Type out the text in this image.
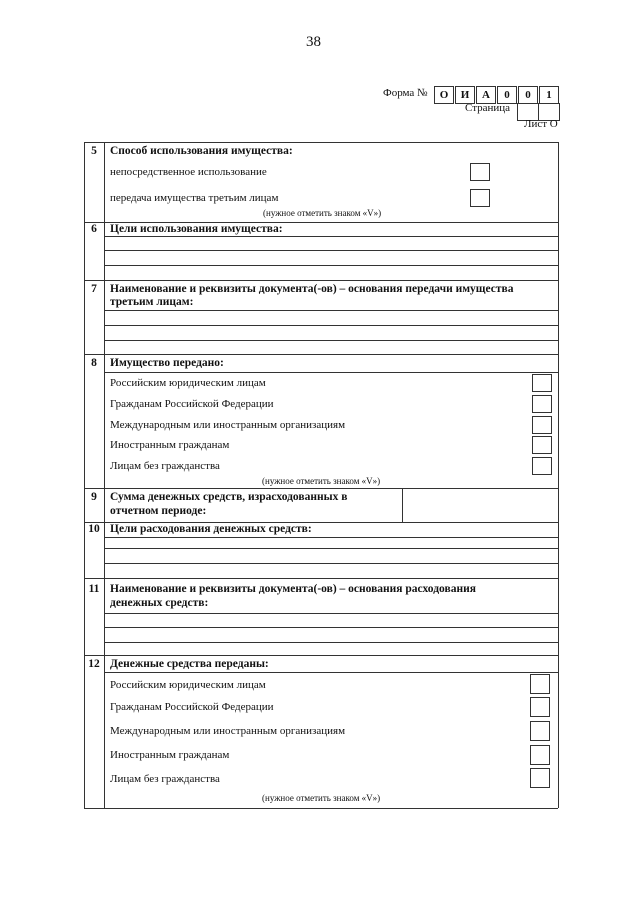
38
Форма №	О	И	А	0	0	1
Страница
Лист О
5	Способ использования имущества:
непосредственное использование
передача имущества третьим лицам
(нужное отметить знаком «V»)
6	Цели использования имущества:
7	Наименование и реквизиты документа(-ов) – основания передачи имущества
третьим лицам:
8	Имущество передано:
Российским юридическим лицам
Гражданам Российской Федерации
Международным или иностранным организациям
Иностранным гражданам
Лицам без гражданства
(нужное отметить знаком «V»)
9	Сумма денежных средств, израсходованных в
отчетном периоде:
10 Цели расходования денежных средств:
11 Наименование и реквизиты документа(-ов) – основания расходования
денежных средств:
12 Денежные средства переданы:
Российским юридическим лицам
Гражданам Российской Федерации
Международным или иностранным организациям
Иностранным гражданам
Лицам без гражданства
(нужное отметить знаком «V»)
